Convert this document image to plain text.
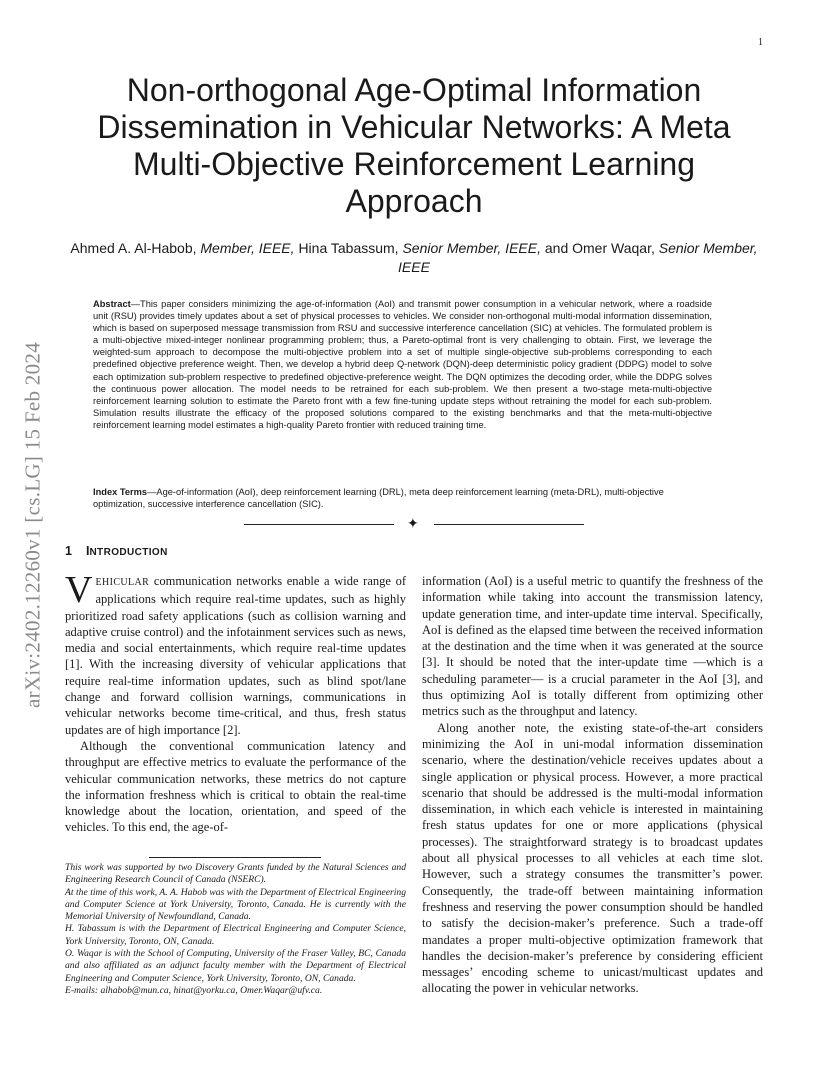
1
arXiv:2402.12260v1 [cs.LG] 15 Feb 2024
Non-orthogonal Age-Optimal Information Dissemination in Vehicular Networks: A Meta Multi-Objective Reinforcement Learning Approach
Ahmed A. Al-Habob, Member, IEEE, Hina Tabassum, Senior Member, IEEE, and Omer Waqar, Senior Member, IEEE
Abstract—This paper considers minimizing the age-of-information (AoI) and transmit power consumption in a vehicular network, where a roadside unit (RSU) provides timely updates about a set of physical processes to vehicles. We consider non-orthogonal multi-modal information dissemination, which is based on superposed message transmission from RSU and successive interference cancellation (SIC) at vehicles. The formulated problem is a multi-objective mixed-integer nonlinear programming problem; thus, a Pareto-optimal front is very challenging to obtain. First, we leverage the weighted-sum approach to decompose the multi-objective problem into a set of multiple single-objective sub-problems corresponding to each predefined objective preference weight. Then, we develop a hybrid deep Q-network (DQN)-deep deterministic policy gradient (DDPG) model to solve each optimization sub-problem respective to predefined objective-preference weight. The DQN optimizes the decoding order, while the DDPG solves the continuous power allocation. The model needs to be retrained for each sub-problem. We then present a two-stage meta-multi-objective reinforcement learning solution to estimate the Pareto front with a few fine-tuning update steps without retraining the model for each sub-problem. Simulation results illustrate the efficacy of the proposed solutions compared to the existing benchmarks and that the meta-multi-objective reinforcement learning model estimates a high-quality Pareto frontier with reduced training time.
Index Terms—Age-of-information (AoI), deep reinforcement learning (DRL), meta deep reinforcement learning (meta-DRL), multi-objective optimization, successive interference cancellation (SIC).
✦
1 INTRODUCTION

VEHICULAR communication networks enable a wide range of applications which require real-time updates, such as highly prioritized road safety applications (such as collision warning and adaptive cruise control) and the infotainment services such as news, media and social entertainments, which require real-time updates [1]. With the increasing diversity of vehicular applications that require real-time information updates, such as blind spot/lane change and forward collision warnings, communications in vehicular networks become time-critical, and thus, fresh status updates are of high importance [2].

Although the conventional communication latency and throughput are effective metrics to evaluate the performance of the vehicular communication networks, these metrics do not capture the information freshness which is critical to obtain the real-time knowledge about the location, orientation, and speed of the vehicles. To this end, the age-of-

This work was supported by two Discovery Grants funded by the Natural Sciences and Engineering Research Council of Canada (NSERC).

At the time of this work, A. A. Habob was with the Department of Electrical Engineering and Computer Science at York University, Toronto, Canada. He is currently with the Memorial University of Newfoundland, Canada.

H. Tabassum is with the Department of Electrical Engineering and Computer Science, York University, Toronto, ON, Canada.

O. Waqar is with the School of Computing, University of the Fraser Valley, BC, Canada and also affiliated as an adjunct faculty member with the Department of Electrical Engineering and Computer Science, York University, Toronto, ON, Canada.

E-mails: alhabob@mun.ca, hinat@yorku.ca, Omer.Waqar@ufv.ca.

information (AoI) is a useful metric to quantify the freshness of the information while taking into account the transmission latency, update generation time, and inter-update time interval. Specifically, AoI is defined as the elapsed time between the received information at the destination and the time when it was generated at the source [3]. It should be noted that the inter-update time —which is a scheduling parameter— is a crucial parameter in the AoI [3], and thus optimizing AoI is totally different from optimizing other metrics such as the throughput and latency.

Along another note, the existing state-of-the-art considers minimizing the AoI in uni-modal information dissemination scenario, where the destination/vehicle receives updates about a single application or physical process. However, a more practical scenario that should be addressed is the multi-modal information dissemination, in which each vehicle is interested in maintaining fresh status updates for one or more applications (physical processes). The straightforward strategy is to broadcast updates about all physical processes to all vehicles at each time slot. However, such a strategy consumes the transmitter’s power. Consequently, the trade-off between maintaining information freshness and reserving the power consumption should be handled to satisfy the decision-maker’s preference. Such a trade-off mandates a proper multi-objective optimization framework that handles the decision-maker’s preference by considering efficient messages’ encoding scheme to unicast/multicast updates and allocating the power in vehicular networks.
